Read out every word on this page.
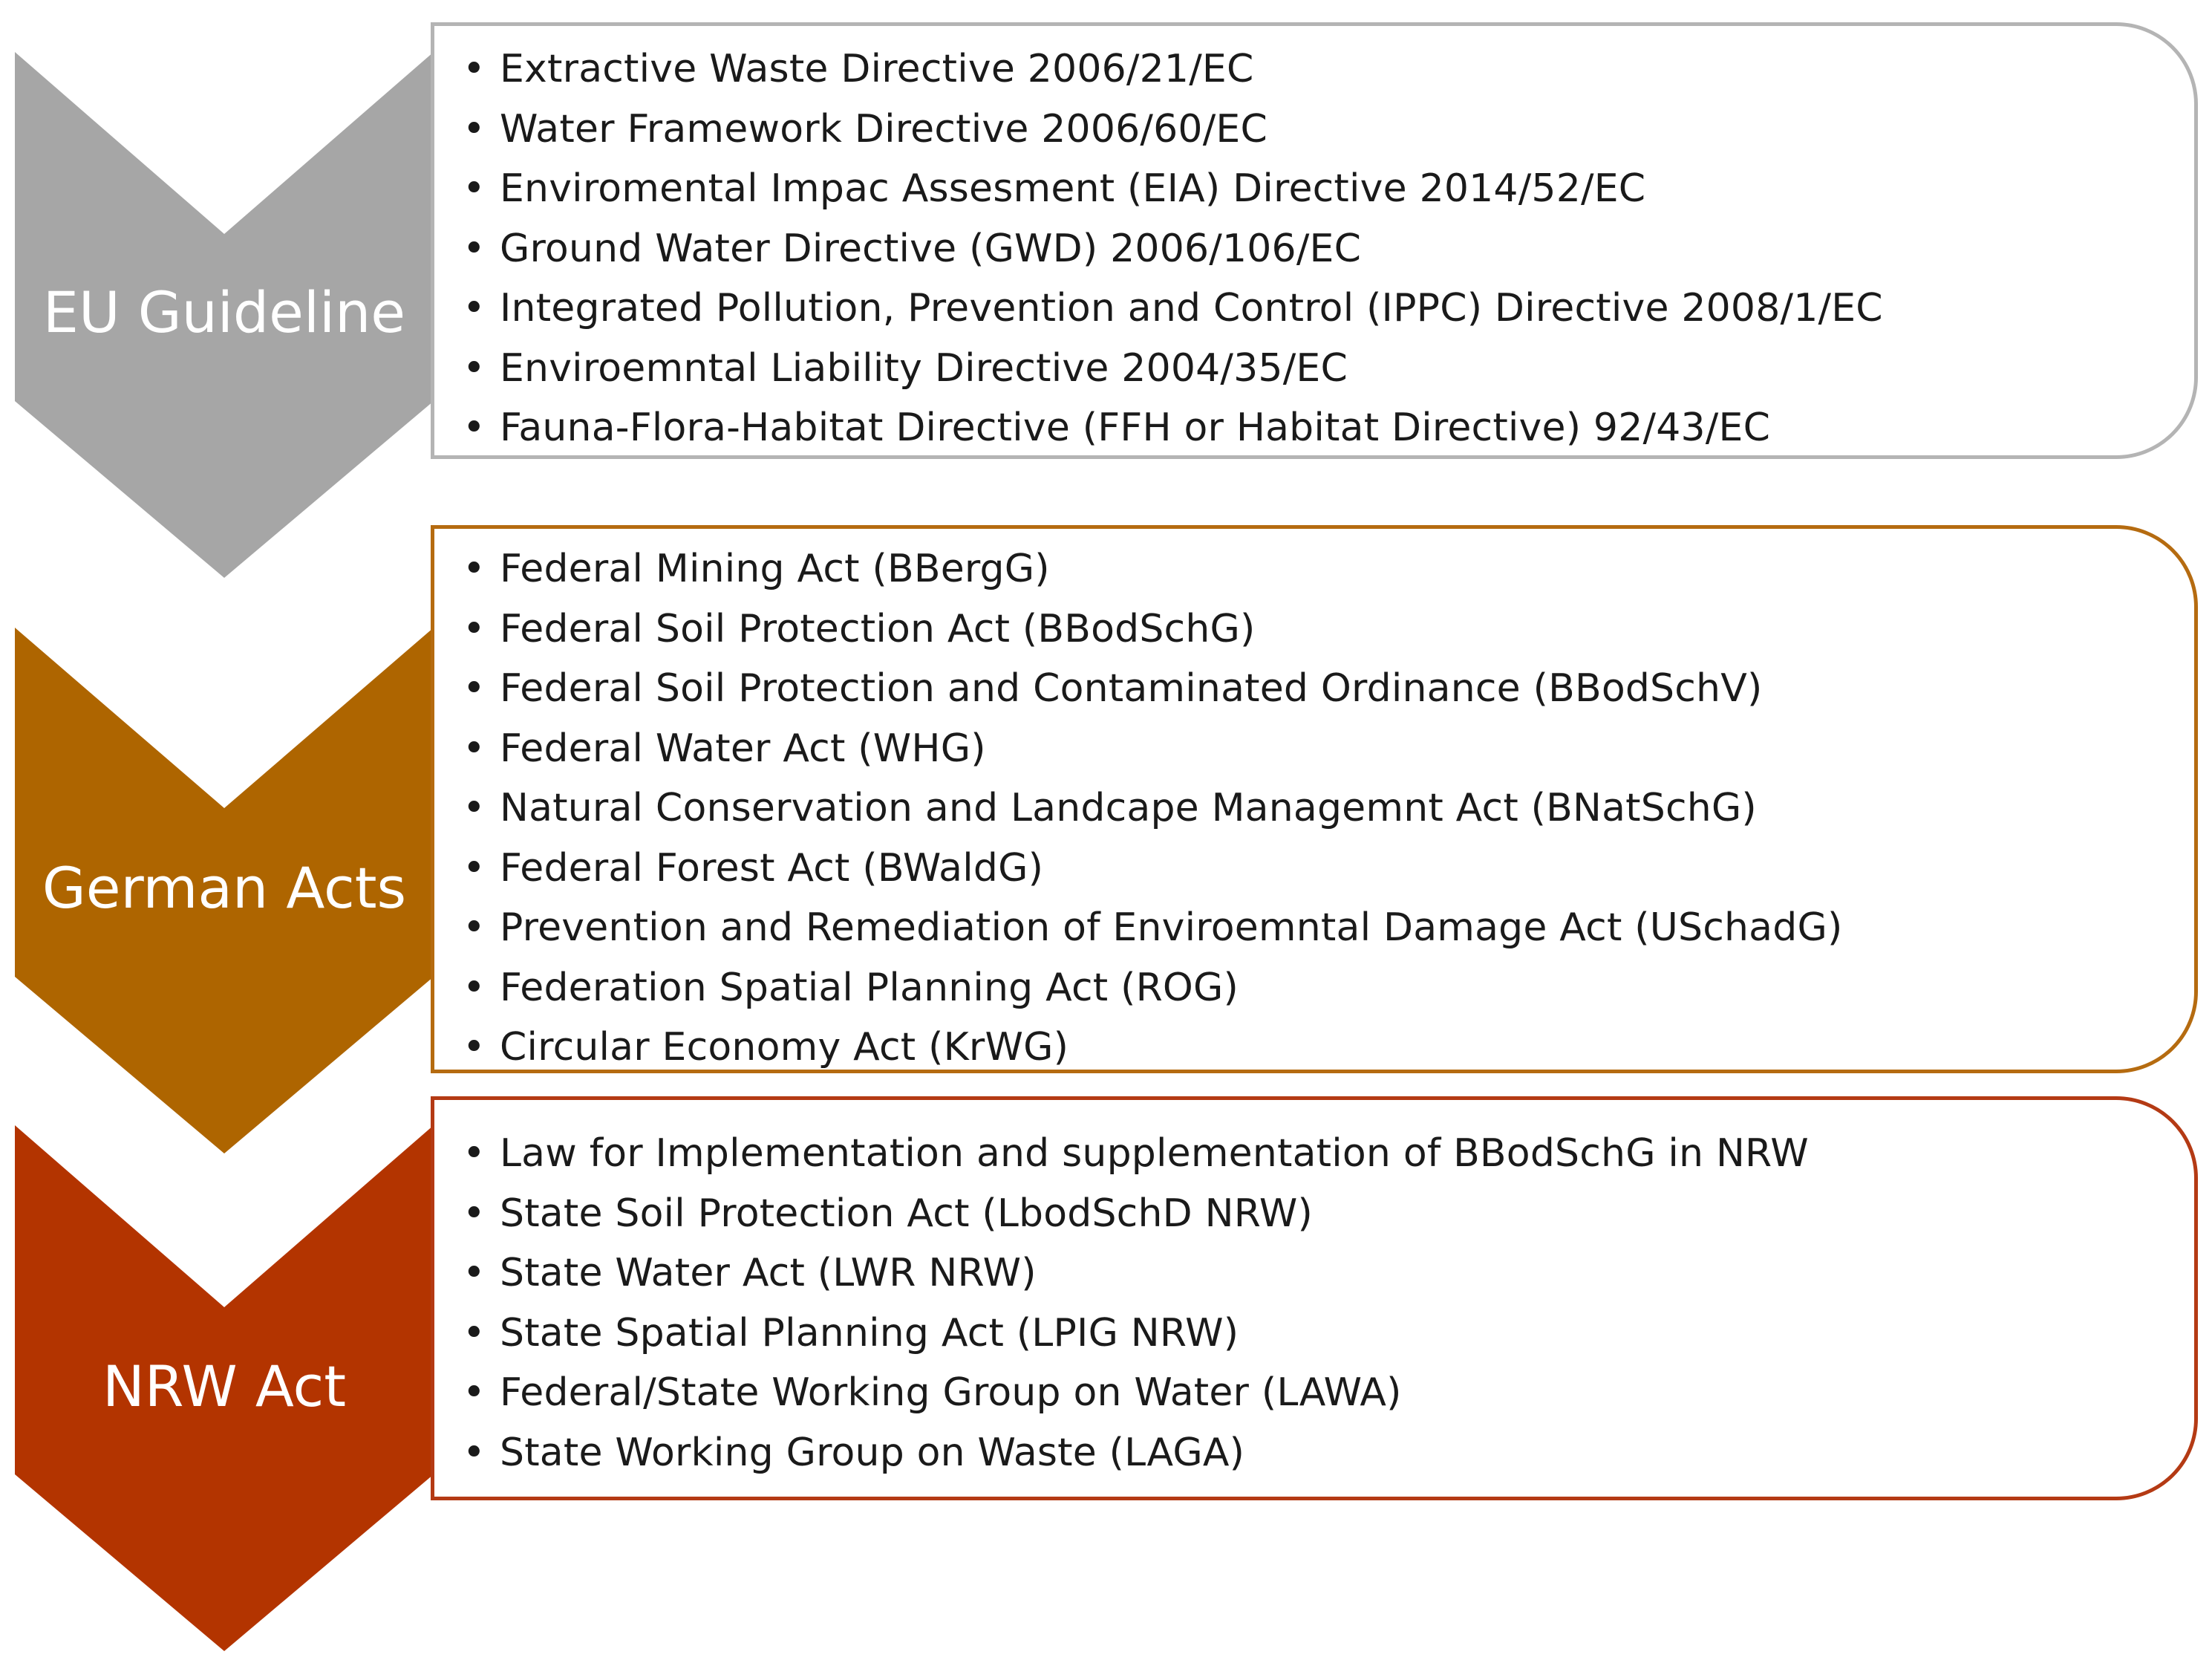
EU Guideline
German Acts
NRW Act
• Extractive Waste Directive 2006/21/EC
• Water Framework Directive 2006/60/EC
• Enviromental Impac Assesment (EIA) Directive 2014/52/EC
• Ground Water Directive (GWD) 2006/106/EC
• Integrated Pollution, Prevention and Control (IPPC) Directive 2008/1/EC
• Enviroemntal Liability Directive 2004/35/EC
• Fauna-Flora-Habitat Directive (FFH or Habitat Directive) 92/43/EC
• Federal Mining Act (BBergG)
• Federal Soil Protection Act (BBodSchG)
• Federal Soil Protection and Contaminated Ordinance (BBodSchV)
• Federal Water Act (WHG)
• Natural Conservation and Landcape Managemnt Act (BNatSchG)
• Federal Forest Act (BWaldG)
• Prevention and Remediation of Enviroemntal Damage Act (USchadG)
• Federation Spatial Planning Act (ROG)
• Circular Economy Act (KrWG)
• Law for Implementation and supplementation of BBodSchG in NRW
• State Soil Protection Act (LbodSchD NRW)
• State Water Act (LWR NRW)
• State Spatial Planning Act (LPIG NRW)
• Federal/State Working Group on Water (LAWA)
• State Working Group on Waste (LAGA)
